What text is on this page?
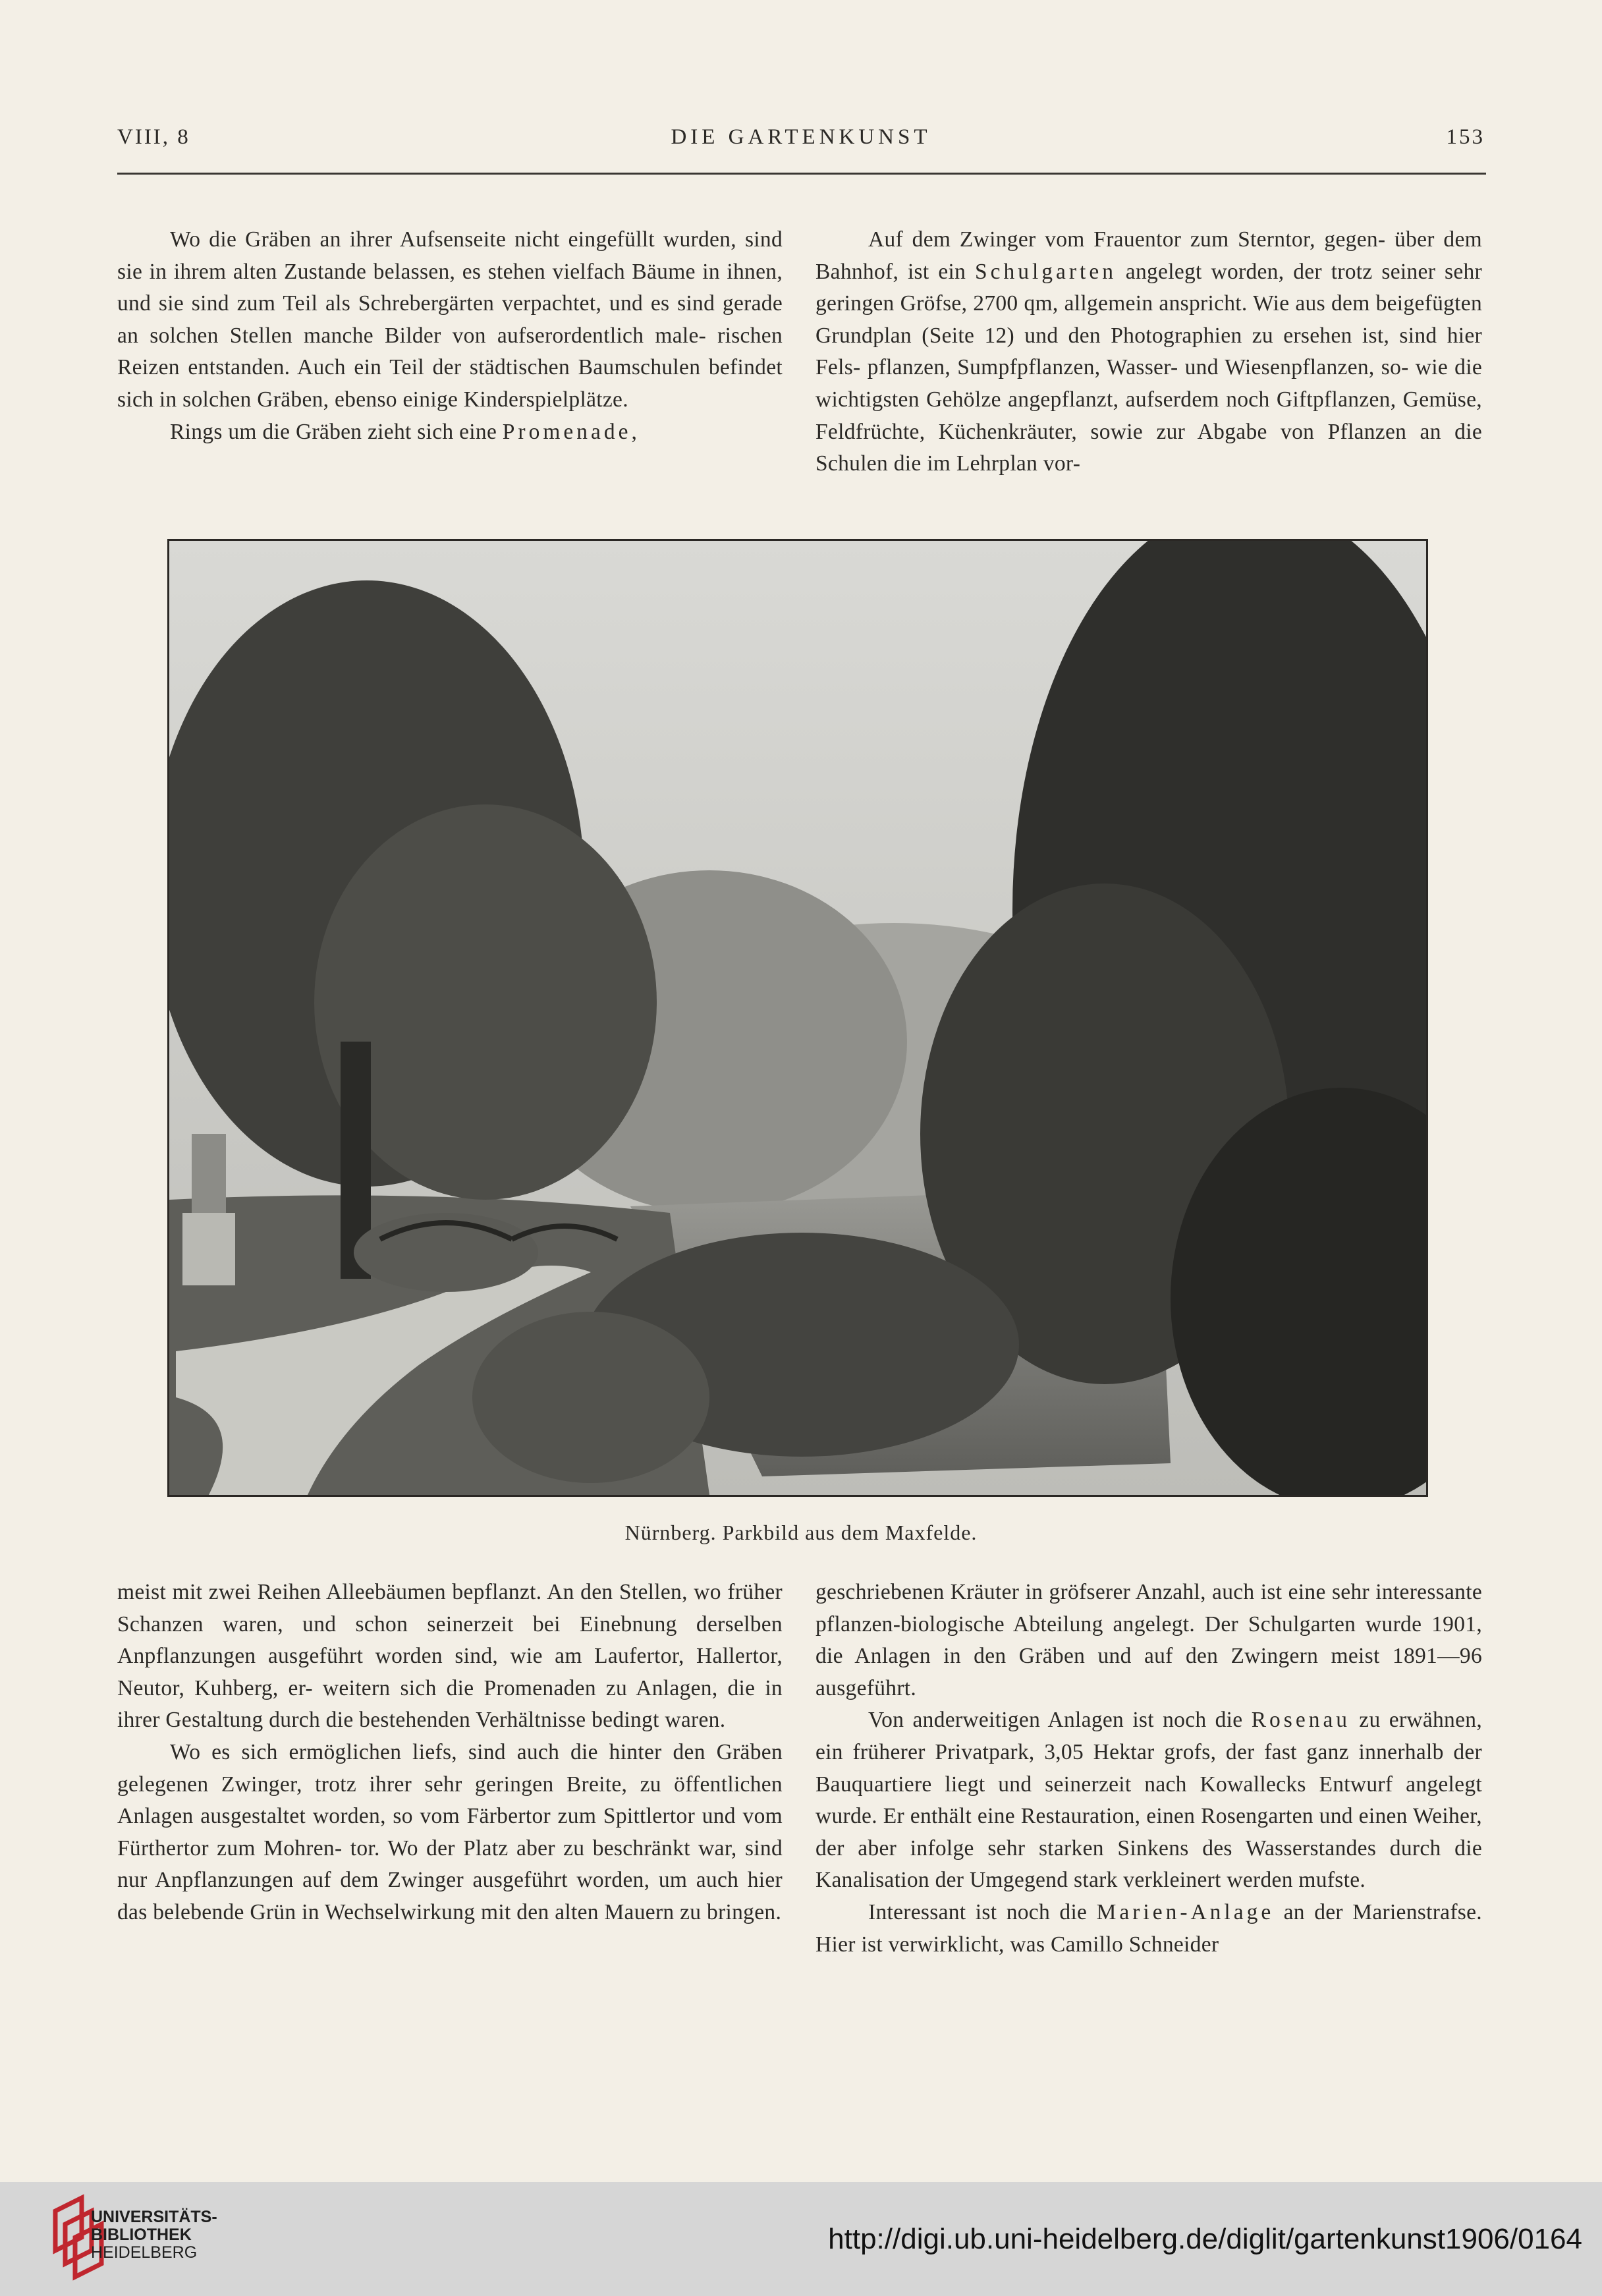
VIII, 8	DIE GARTENKUNST	153

Wo die Gräben an ihrer Aufsenseite nicht eingefüllt wurden, sind sie in ihrem alten Zustande belassen, es stehen vielfach Bäume in ihnen, und sie sind zum Teil als Schrebergärten verpachtet, und es sind gerade an solchen Stellen manche Bilder von aufserordentlich male- rischen Reizen entstanden. Auch ein Teil der städtischen Baumschulen befindet sich in solchen Gräben, ebenso einige Kinderspielplätze.

Rings um die Gräben zieht sich eine Promenade,

Auf dem Zwinger vom Frauentor zum Sterntor, gegen- über dem Bahnhof, ist ein Schulgarten angelegt worden, der trotz seiner sehr geringen Gröfse, 2700 qm, allgemein anspricht. Wie aus dem beigefügten Grundplan (Seite 12) und den Photographien zu ersehen ist, sind hier Fels- pflanzen, Sumpfpflanzen, Wasser- und Wiesenpflanzen, so- wie die wichtigsten Gehölze angepflanzt, aufserdem noch Giftpflanzen, Gemüse, Feldfrüchte, Küchenkräuter, sowie zur Abgabe von Pflanzen an die Schulen die im Lehrplan vor-

Nürnberg. Parkbild aus dem Maxfelde.

meist mit zwei Reihen Alleebäumen bepflanzt. An den Stellen, wo früher Schanzen waren, und schon seinerzeit bei Einebnung derselben Anpflanzungen ausgeführt worden sind, wie am Laufertor, Hallertor, Neutor, Kuhberg, er- weitern sich die Promenaden zu Anlagen, die in ihrer Gestaltung durch die bestehenden Verhältnisse bedingt waren.

Wo es sich ermöglichen liefs, sind auch die hinter den Gräben gelegenen Zwinger, trotz ihrer sehr geringen Breite, zu öffentlichen Anlagen ausgestaltet worden, so vom Färbertor zum Spittlertor und vom Fürthertor zum Mohren- tor. Wo der Platz aber zu beschränkt war, sind nur Anpflanzungen auf dem Zwinger ausgeführt worden, um auch hier das belebende Grün in Wechselwirkung mit den alten Mauern zu bringen.

geschriebenen Kräuter in gröfserer Anzahl, auch ist eine sehr interessante pflanzen-biologische Abteilung angelegt. Der Schulgarten wurde 1901, die Anlagen in den Gräben und auf den Zwingern meist 1891—96 ausgeführt.

Von anderweitigen Anlagen ist noch die Rosenau zu erwähnen, ein früherer Privatpark, 3,05 Hektar grofs, der fast ganz innerhalb der Bauquartiere liegt und seinerzeit nach Kowallecks Entwurf angelegt wurde. Er enthält eine Restauration, einen Rosengarten und einen Weiher, der aber infolge sehr starken Sinkens des Wasserstandes durch die Kanalisation der Umgegend stark verkleinert werden mufste.

Interessant ist noch die Marien-Anlage an der Marienstrafse. Hier ist verwirklicht, was Camillo Schneider

UNIVERSITÄTS-
BIBLIOTHEK
HEIDELBERG	http://digi.ub.uni-heidelberg.de/diglit/gartenkunst1906/0164
